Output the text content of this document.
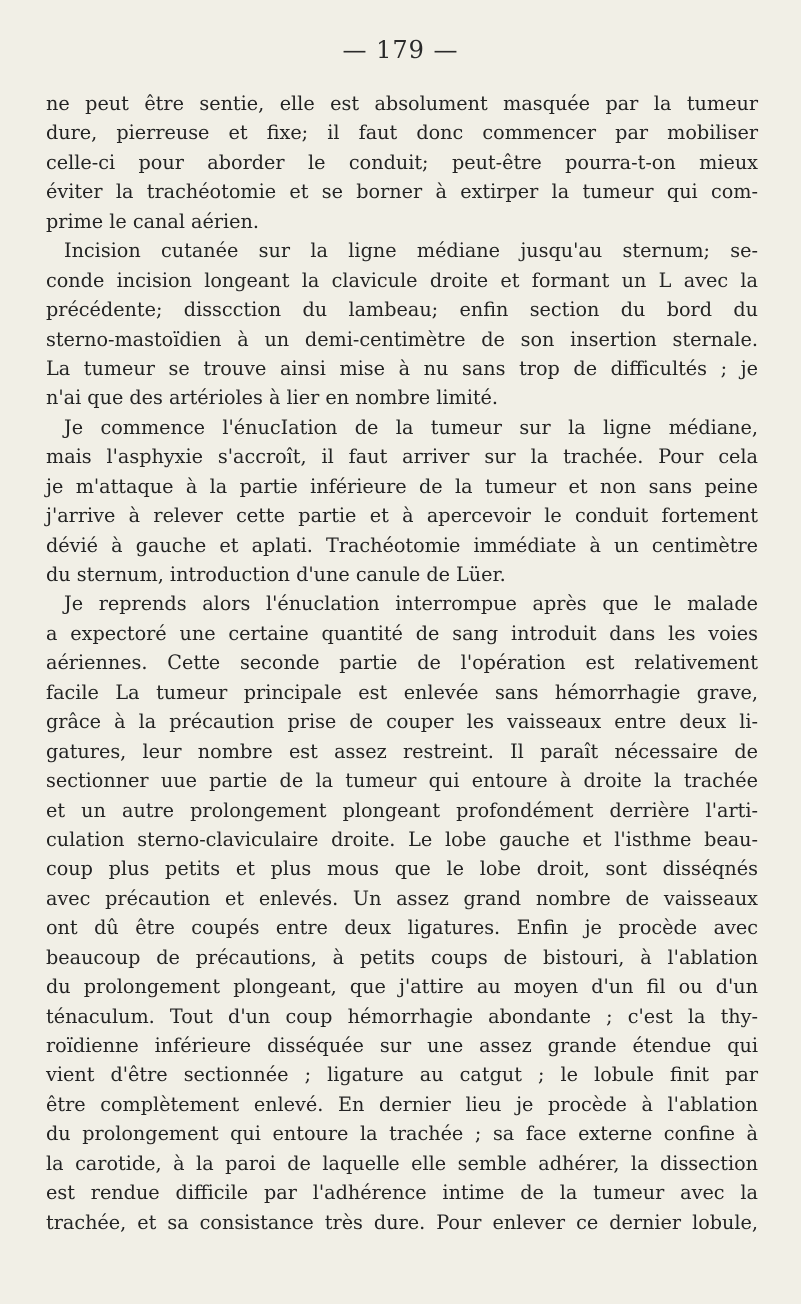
— 179 —
ne peut être sentie, elle est absolument masquée par la tumeur
dure, pierreuse et fixe; il faut donc commencer par mobiliser
celle-ci pour aborder le conduit; peut-être pourra-t-on mieux
éviter la trachéotomie et se borner à extirper la tumeur qui com-
prime le canal aérien.
Incision cutanée sur la ligne médiane jusqu'au sternum; se-
conde incision longeant la clavicule droite et formant un L avec la
précédente; disscction du lambeau; enfin section du bord du
sterno-mastoïdien à un demi-centimètre de son insertion sternale.
La tumeur se trouve ainsi mise à nu sans trop de difficultés ; je
n'ai que des artérioles à lier en nombre limité.
Je commence l'énucIation de la tumeur sur la ligne médiane,
mais l'asphyxie s'accroît, il faut arriver sur la trachée. Pour cela
je m'attaque à la partie inférieure de la tumeur et non sans peine
j'arrive à relever cette partie et à apercevoir le conduit fortement
dévié à gauche et aplati. Trachéotomie immédiate à un centimètre
du sternum, introduction d'une canule de Lüer.
Je reprends alors l'énuclation interrompue après que le malade
a expectoré une certaine quantité de sang introduit dans les voies
aériennes. Cette seconde partie de l'opération est relativement
facile La tumeur principale est enlevée sans hémorrhagie grave,
grâce à la précaution prise de couper les vaisseaux entre deux li-
gatures, leur nombre est assez restreint. Il paraît nécessaire de
sectionner uue partie de la tumeur qui entoure à droite la trachée
et un autre prolongement plongeant profondément derrière l'arti-
culation sterno-claviculaire droite. Le lobe gauche et l'isthme beau-
coup plus petits et plus mous que le lobe droit, sont disséqnés
avec précaution et enlevés. Un assez grand nombre de vaisseaux
ont dû être coupés entre deux ligatures. Enfin je procède avec
beaucoup de précautions, à petits coups de bistouri, à l'ablation
du prolongement plongeant, que j'attire au moyen d'un fil ou d'un
ténaculum. Tout d'un coup hémorrhagie abondante ; c'est la thy-
roïdienne inférieure disséquée sur une assez grande étendue qui
vient d'être sectionnée ; ligature au catgut ; le lobule finit par
être complètement enlevé. En dernier lieu je procède à l'ablation
du prolongement qui entoure la trachée ; sa face externe confine à
la carotide, à la paroi de laquelle elle semble adhérer, la dissection
est rendue difficile par l'adhérence intime de la tumeur avec la
trachée, et sa consistance très dure. Pour enlever ce dernier lobule,
